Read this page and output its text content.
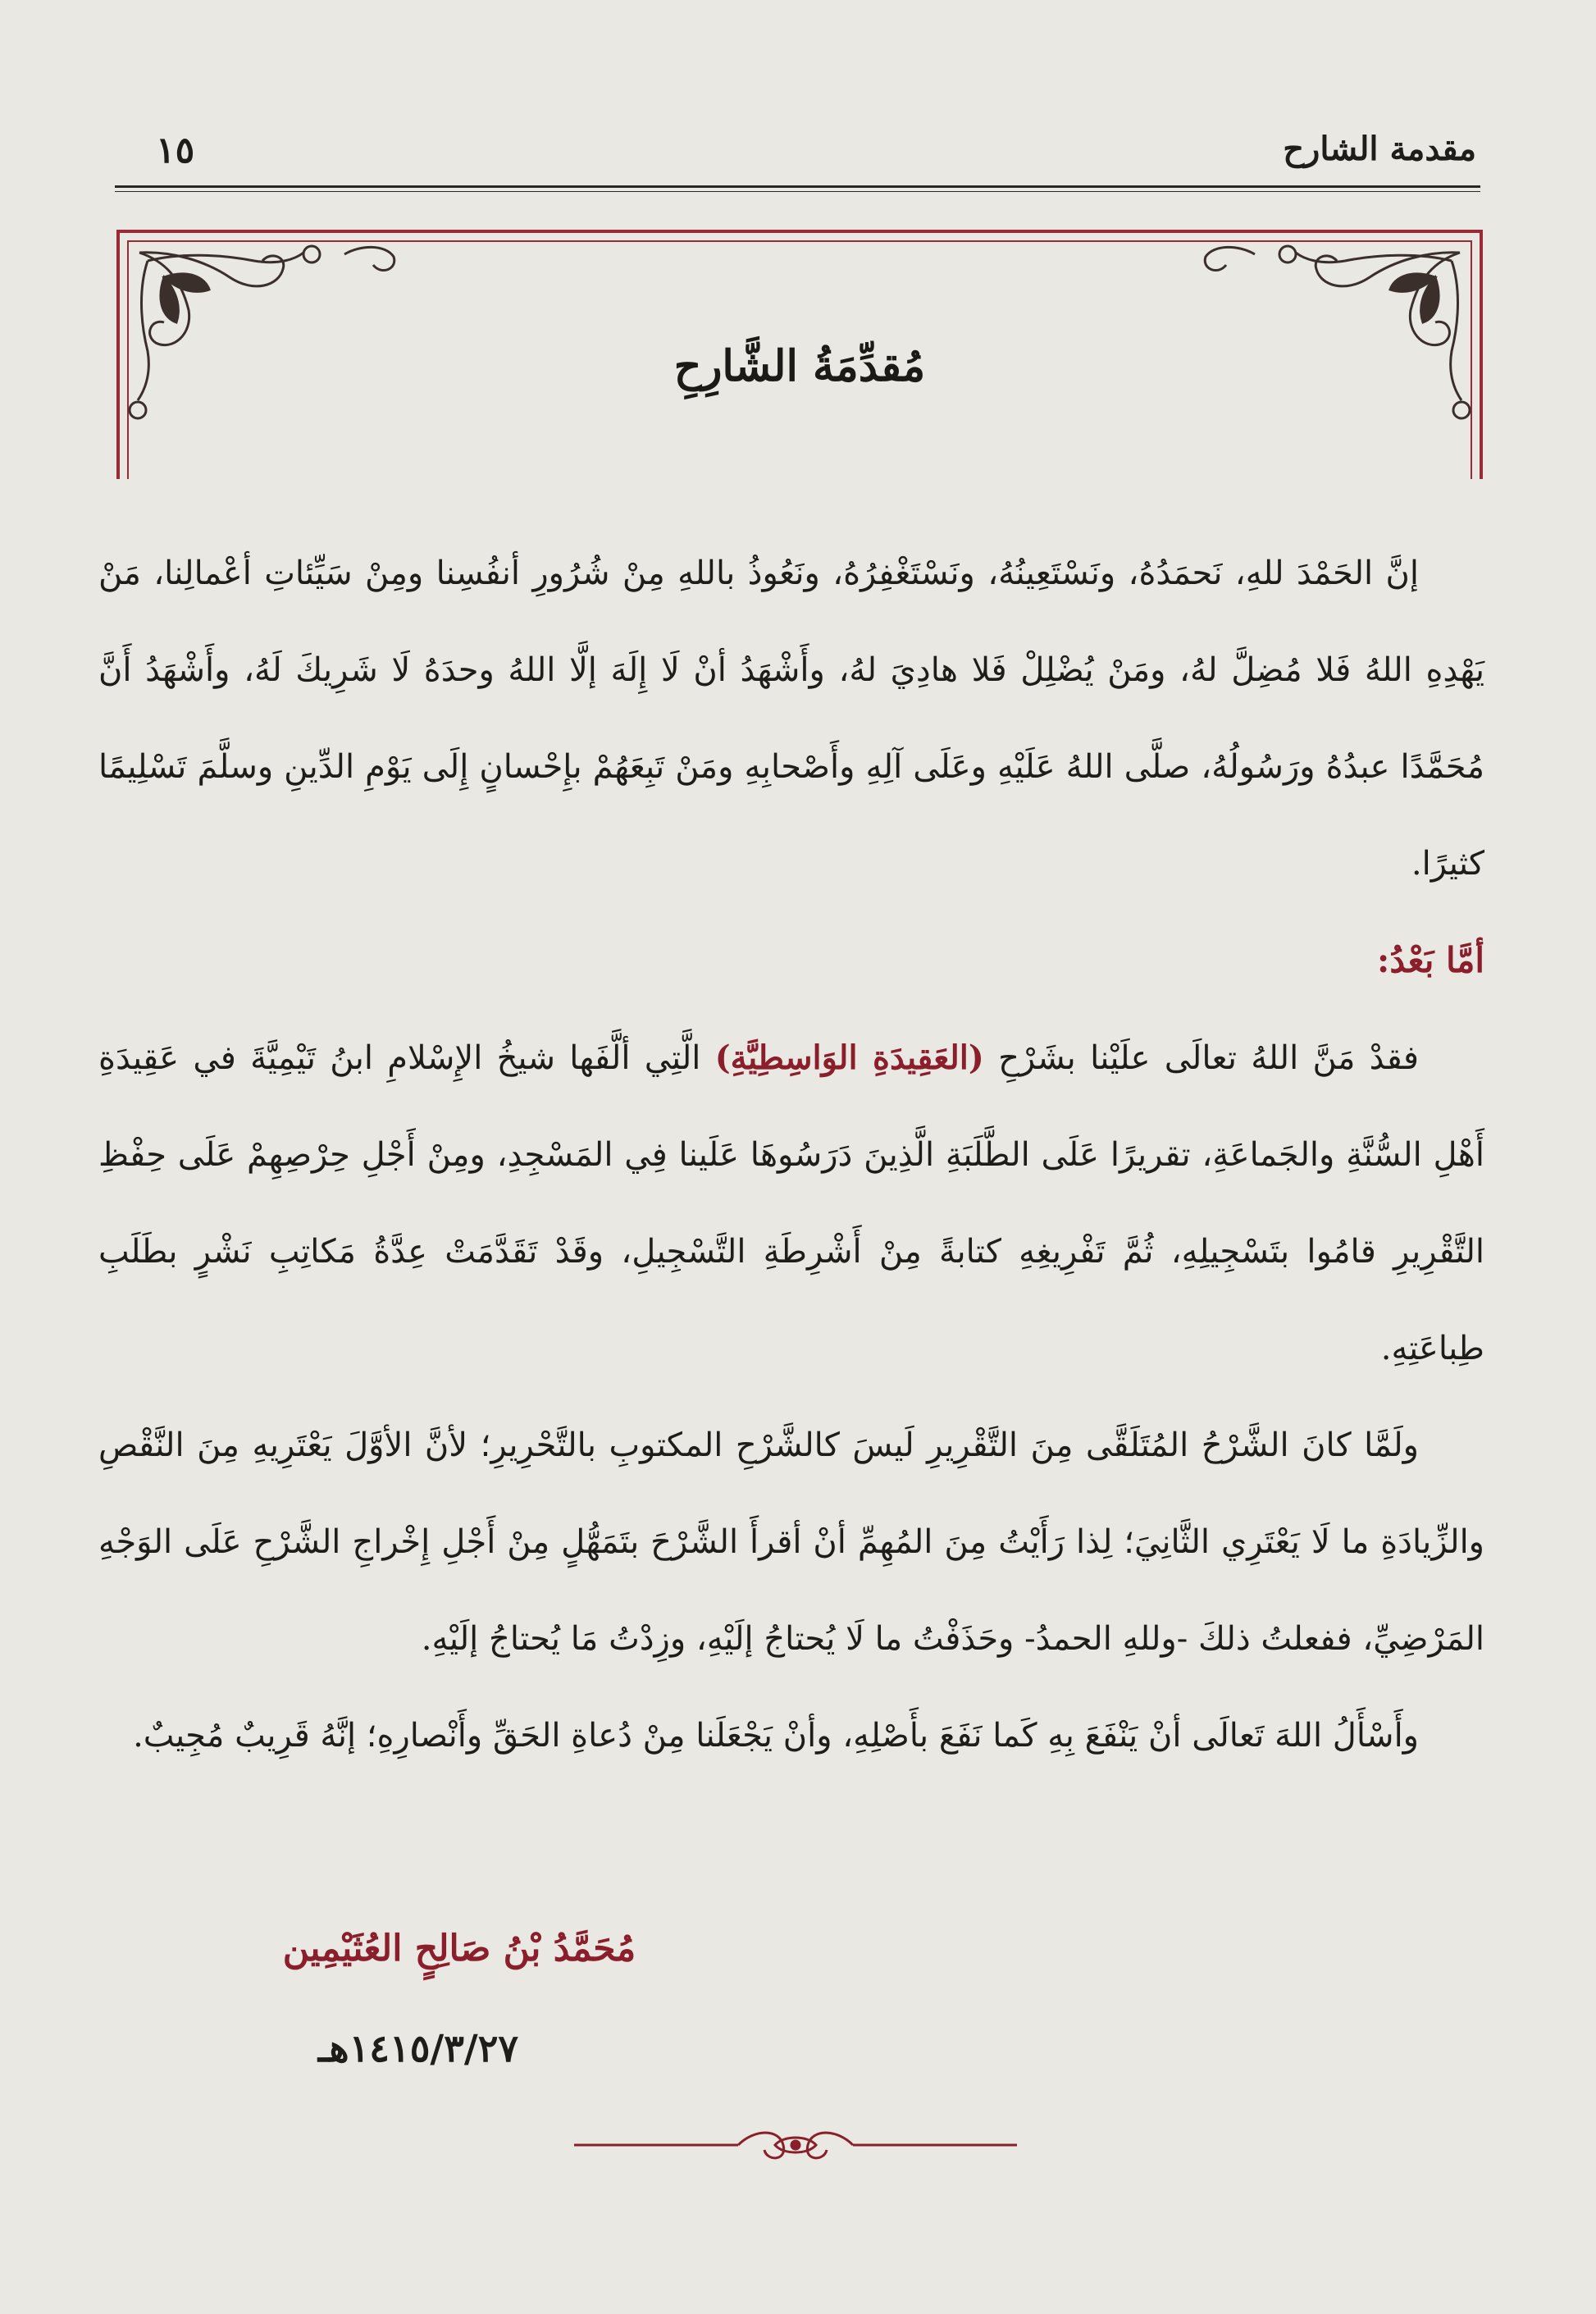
مقدمة الشارح
١٥
مُقدِّمَةُ الشَّارِحِ

إنَّ الحَمْدَ للهِ، نَحمَدُهُ، ونَسْتَعِينُهُ، ونَسْتَغْفِرُهُ، ونَعُوذُ باللهِ مِنْ شُرُورِ أنفُسِنا ومِنْ سَيِّئاتِ أعْمالِنا، مَنْ يَهْدِهِ اللهُ فَلا مُضِلَّ لهُ، ومَنْ يُضْلِلْ فَلا هادِيَ لهُ، وأَشْهَدُ أنْ لَا إِلَهَ إلَّا اللهُ وحدَهُ لَا شَرِيكَ لَهُ، وأَشْهَدُ أَنَّ مُحَمَّدًا عبدُهُ ورَسُولُهُ، صلَّى اللهُ عَلَيْهِ وعَلَى آلِهِ وأَصْحابِهِ ومَنْ تَبِعَهُمْ بإِحْسانٍ إِلَى يَوْمِ الدِّينِ وسلَّمَ تَسْلِيمًا كثيرًا.

أمَّا بَعْدُ:

فقدْ مَنَّ اللهُ تعالَى علَيْنا بشَرْحِ (العَقِيدَةِ الوَاسِطِيَّةِ) الَّتِي ألَّفَها شيخُ الإِسْلامِ ابنُ تَيْمِيَّةَ في عَقِيدَةِ أَهْلِ السُّنَّةِ والجَماعَةِ، تقريرًا عَلَى الطَّلَبَةِ الَّذِينَ دَرَسُوهَا عَلَينا فِي المَسْجِدِ، ومِنْ أَجْلِ حِرْصِهِمْ عَلَى حِفْظِ التَّقْرِيرِ قامُوا بتَسْجِيلِهِ، ثُمَّ تَفْرِيغِهِ كتابةً مِنْ أَشْرِطَةِ التَّسْجِيلِ، وقَدْ تَقَدَّمَتْ عِدَّةُ مَكاتِبِ نَشْرٍ بطَلَبِ طِباعَتِهِ.

ولَمَّا كانَ الشَّرْحُ المُتَلَقَّى مِنَ التَّقْرِيرِ لَيسَ كالشَّرْحِ المكتوبِ بالتَّحْرِيرِ؛ لأنَّ الأوَّلَ يَعْتَرِيهِ مِنَ النَّقْصِ والزِّيادَةِ ما لَا يَعْتَرِي الثَّانِيَ؛ لِذا رَأَيْتُ مِنَ المُهِمِّ أنْ أقرأَ الشَّرْحَ بتَمَهُّلٍ مِنْ أَجْلِ إِخْراجِ الشَّرْحِ عَلَى الوَجْهِ المَرْضِيِّ، ففعلتُ ذلكَ -وللهِ الحمدُ- وحَذَفْتُ ما لَا يُحتاجُ إلَيْهِ، وزِدْتُ مَا يُحتاجُ إلَيْهِ.

وأَسْأَلُ اللهَ تَعالَى أنْ يَنْفَعَ بِهِ كَما نَفَعَ بأَصْلِهِ، وأنْ يَجْعَلَنا مِنْ دُعاةِ الحَقِّ وأَنْصارِهِ؛ إنَّهُ قَرِيبٌ مُجِيبٌ.

مُحَمَّدُ بْنُ صَالِحٍ العُثَيْمِين
١٤١٥/٣/٢٧هـ
